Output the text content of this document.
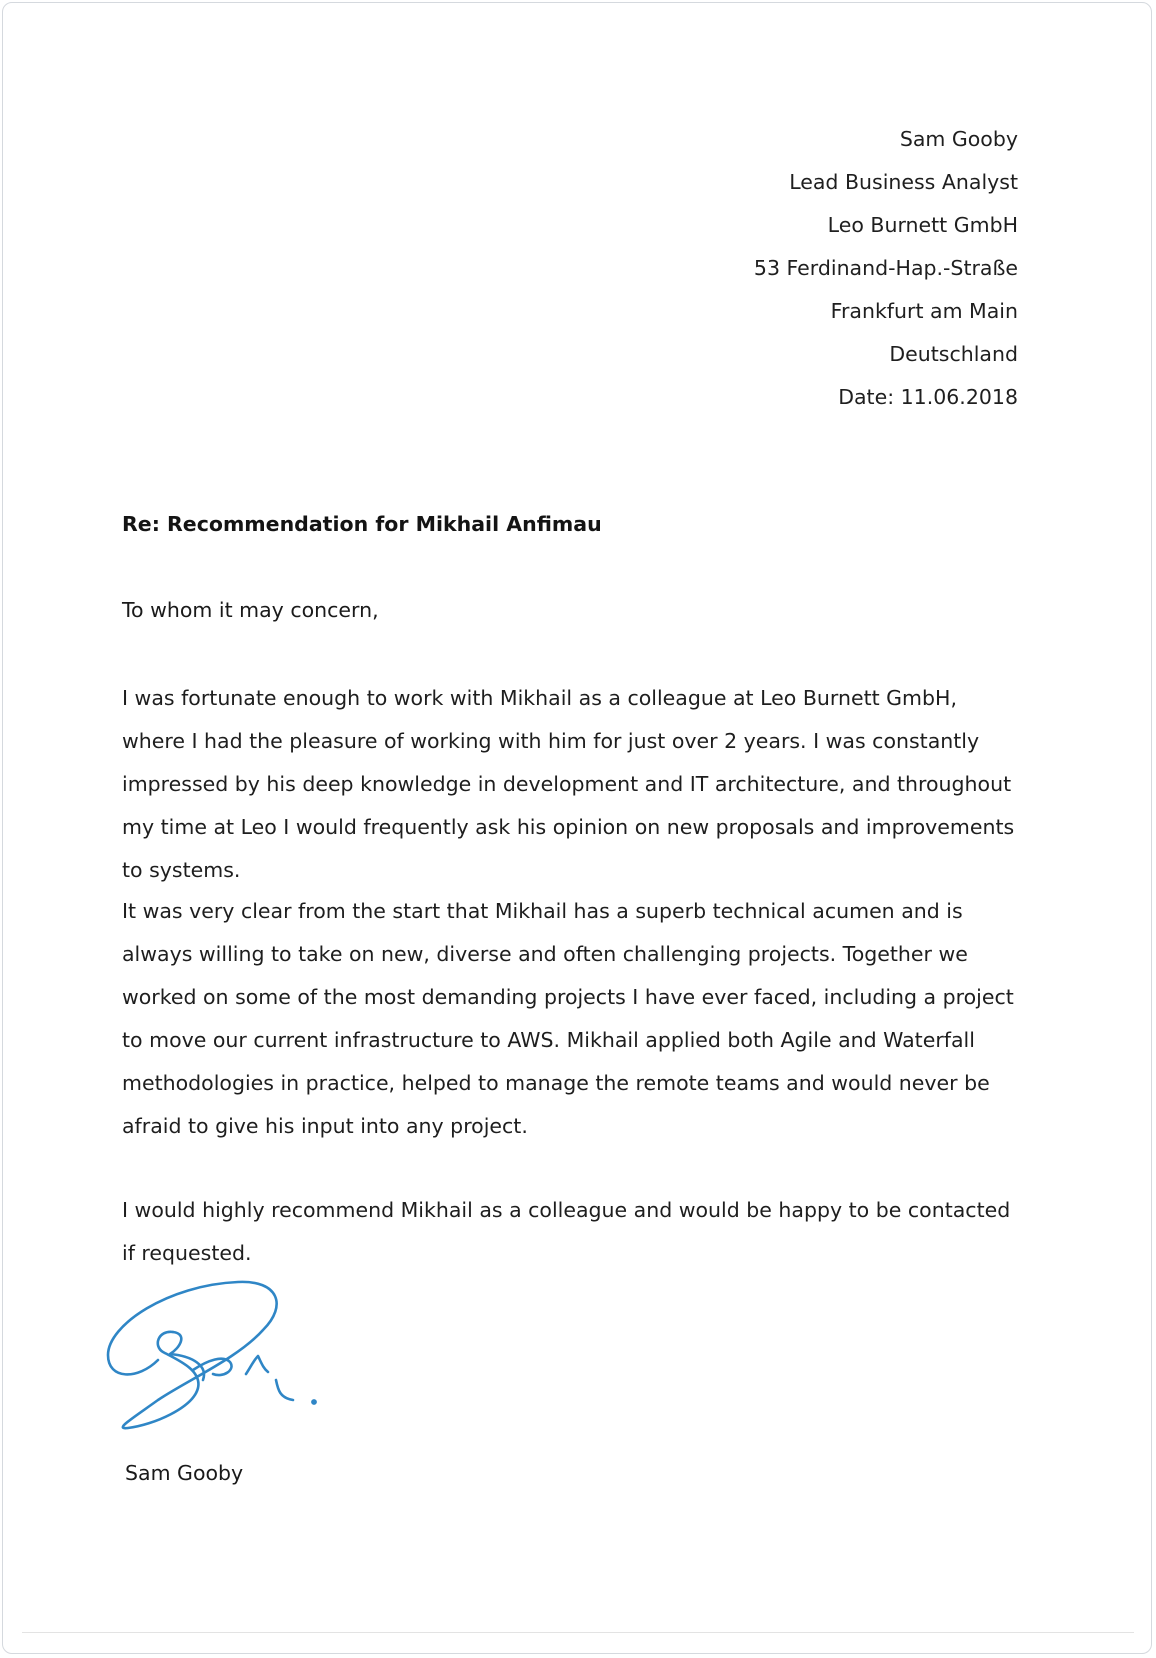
Sam Gooby
Lead Business Analyst
Leo Burnett GmbH
53 Ferdinand-Hap.-Straße
Frankfurt am Main
Deutschland
Date: 11.06.2018
Re: Recommendation for Mikhail Anfimau
To whom it may concern,
I was fortunate enough to work with Mikhail as a colleague at Leo Burnett GmbH, where I had the pleasure of working with him for just over 2 years. I was constantly impressed by his deep knowledge in development and IT architecture, and throughout my time at Leo I would frequently ask his opinion on new proposals and improvements to systems.
It was very clear from the start that Mikhail has a superb technical acumen and is always willing to take on new, diverse and often challenging projects. Together we worked on some of the most demanding projects I have ever faced, including a project to move our current infrastructure to AWS. Mikhail applied both Agile and Waterfall methodologies in practice, helped to manage the remote teams and would never be afraid to give his input into any project.
I would highly recommend Mikhail as a colleague and would be happy to be contacted if requested.
Sam Gooby
